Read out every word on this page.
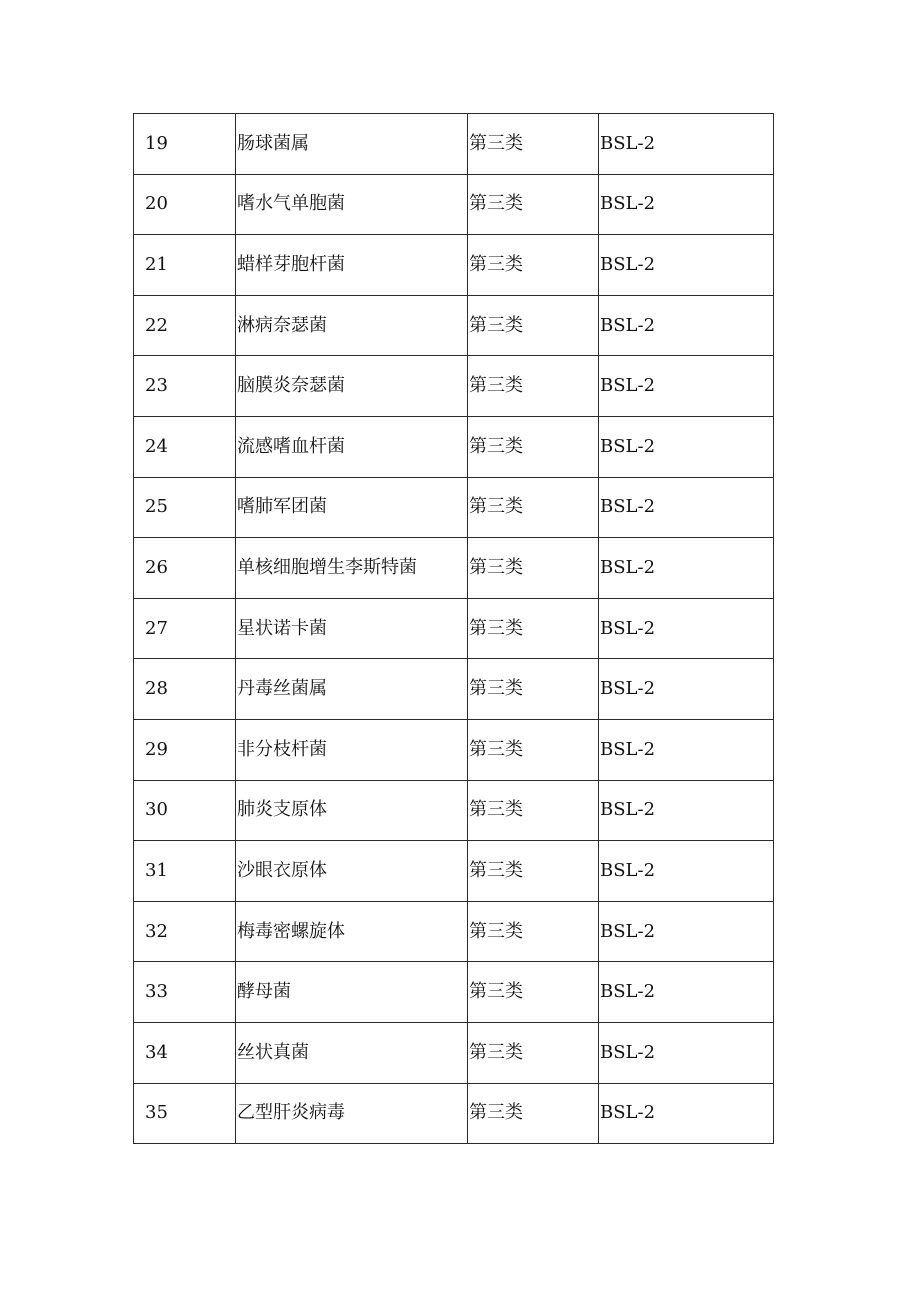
19	肠球菌属	第三类	BSL-2
20	嗜水气单胞菌	第三类	BSL-2
21	蜡样芽胞杆菌	第三类	BSL-2
22	淋病奈瑟菌	第三类	BSL-2
23	脑膜炎奈瑟菌	第三类	BSL-2
24	流感嗜血杆菌	第三类	BSL-2
25	嗜肺军团菌	第三类	BSL-2
26	单核细胞增生李斯特菌	第三类	BSL-2
27	星状诺卡菌	第三类	BSL-2
28	丹毒丝菌属	第三类	BSL-2
29	非分枝杆菌	第三类	BSL-2
30	肺炎支原体	第三类	BSL-2
31	沙眼衣原体	第三类	BSL-2
32	梅毒密螺旋体	第三类	BSL-2
33	酵母菌	第三类	BSL-2
34	丝状真菌	第三类	BSL-2
35	乙型肝炎病毒	第三类	BSL-2
